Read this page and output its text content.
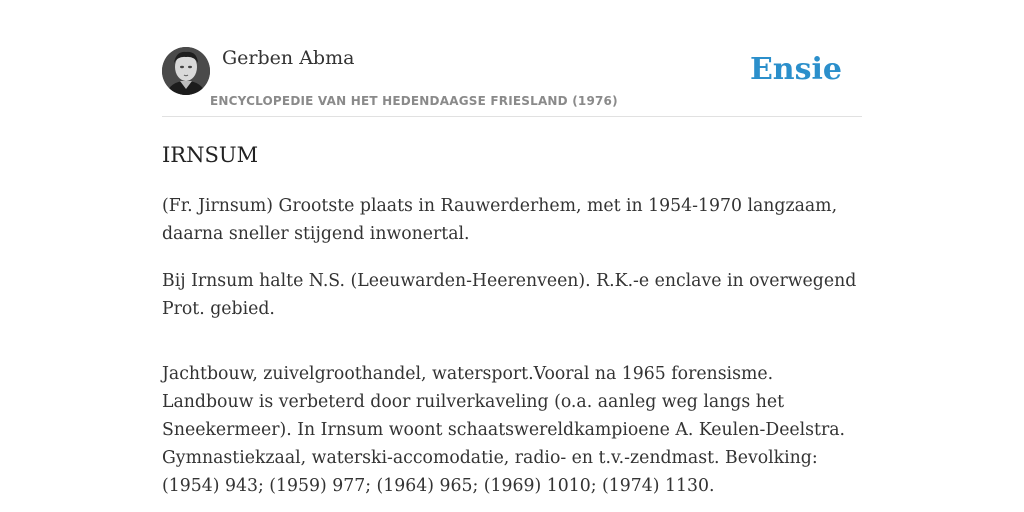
Gerben Abma
ENCYCLOPEDIE VAN HET HEDENDAAGSE FRIESLAND (1976)
Ensie
IRNSUM

(Fr. Jirnsum) Grootste plaats in Rauwerderhem, met in 1954-1970 langzaam, daarna sneller stijgend inwonertal.

Bij Irnsum halte N.S. (Leeuwarden-Heerenveen). R.K.-e enclave in overwegend Prot. gebied.

Jachtbouw, zuivelgroothandel, watersport.Vooral na 1965 forensisme. Landbouw is verbeterd door ruilverkaveling (o.a. aanleg weg langs het Sneekermeer). In Irnsum woont schaatswereldkampioene A. Keulen-Deelstra. Gymnastiekzaal, waterski-accomodatie, radio- en t.v.-zendmast. Bevolking: (1954) 943; (1959) 977; (1964) 965; (1969) 1010; (1974) 1130.
